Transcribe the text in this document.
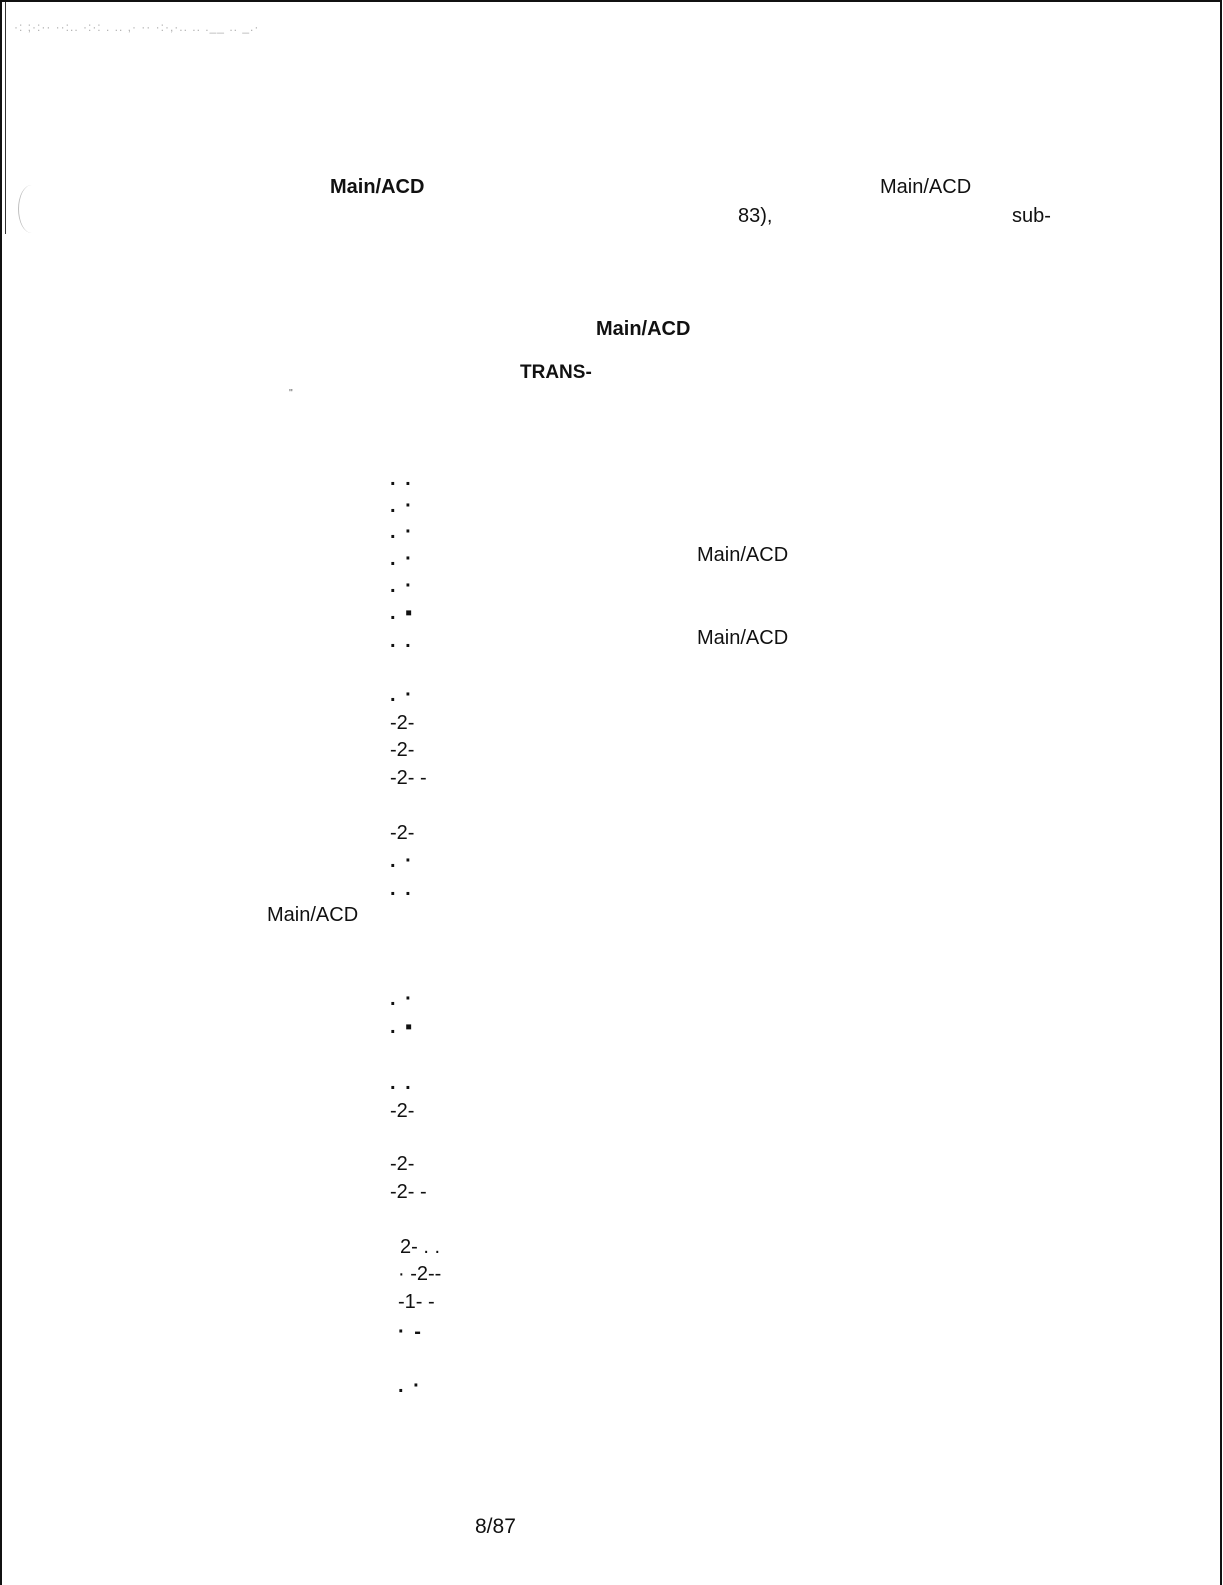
·: ;·:·· ··:.. ·:·: . .. ,· ·· ·:·,·.. .. .__ .. _.·
Main/ACD	Main/ACD
83),	sub-
Main/ACD
TRANS-
''
. .
. ·
. ·
. ·
. ·
. ▪
. .
. ·
-2-
-2-
-2- -
-2-
. ·
. .
. ·
. ▪
. .
-2-
-2-
-2- -
2- . .
· -2--
-1- -
· -
. ·
Main/ACD
Main/ACD
Main/ACD
8/87
